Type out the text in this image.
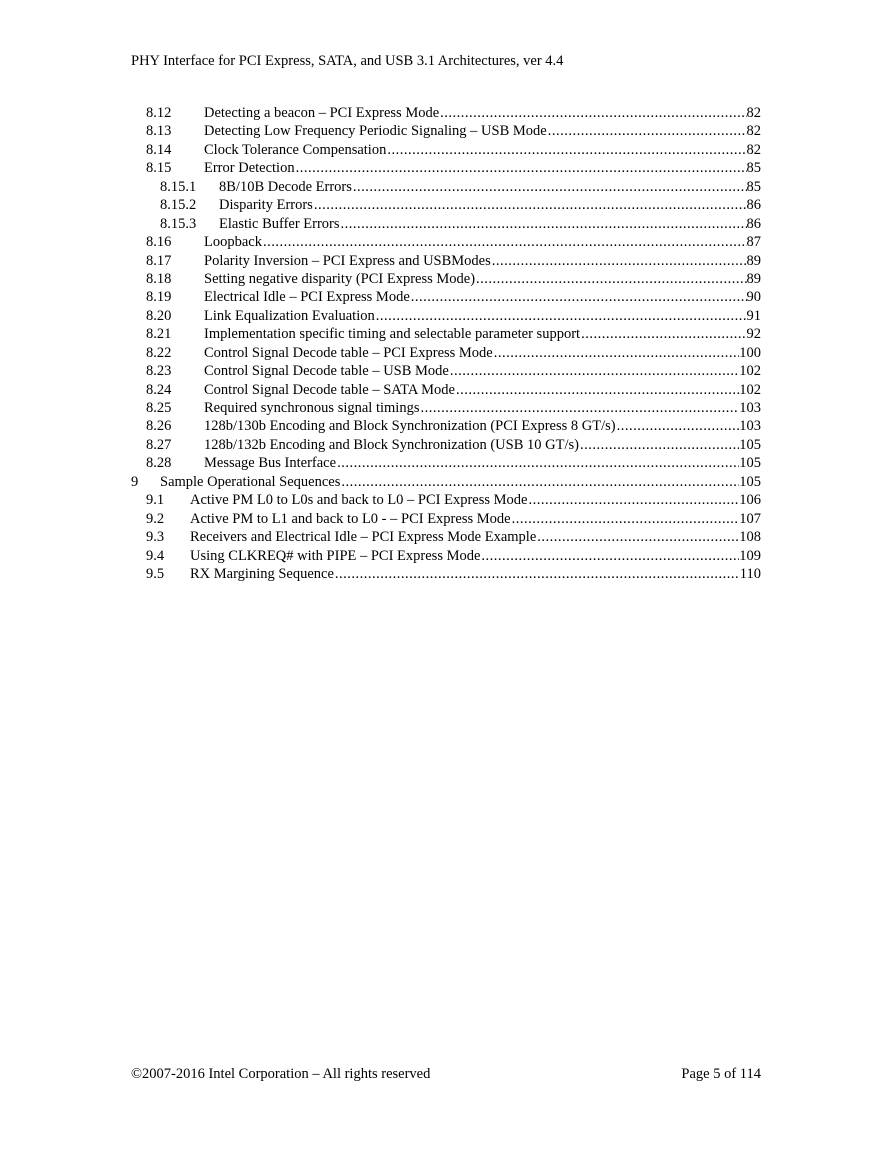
PHY Interface for PCI Express, SATA, and USB 3.1 Architectures, ver 4.4
8.12	Detecting a beacon – PCI Express Mode .....	82
8.13	Detecting Low Frequency Periodic Signaling – USB Mode .....	82
8.14	Clock Tolerance Compensation .....	82
8.15	Error Detection .....	85
8.15.1	8B/10B Decode Errors .....	85
8.15.2	Disparity Errors .....	86
8.15.3	Elastic Buffer Errors .....	86
8.16	Loopback .....	87
8.17	Polarity Inversion – PCI Express and USBModes .....	89
8.18	Setting negative disparity (PCI Express Mode) .....	89
8.19	Electrical Idle – PCI Express Mode .....	90
8.20	Link Equalization Evaluation .....	91
8.21	Implementation specific timing and selectable parameter support .....	92
8.22	Control Signal Decode table – PCI Express Mode .....	100
8.23	Control Signal Decode table – USB Mode .....	102
8.24	Control Signal Decode table – SATA Mode .....	102
8.25	Required synchronous signal timings .....	103
8.26	128b/130b Encoding and Block Synchronization (PCI Express 8 GT/s) .....	103
8.27	128b/132b Encoding and Block Synchronization (USB 10 GT/s) .....	105
8.28	Message Bus Interface .....	105
9	Sample Operational Sequences .....	105
9.1	Active PM L0 to L0s and back to L0 – PCI Express Mode .....	106
9.2	Active PM to L1 and back to L0 - – PCI Express Mode .....	107
9.3	Receivers and Electrical Idle – PCI Express Mode Example .....	108
9.4	Using CLKREQ# with PIPE – PCI Express Mode .....	109
9.5	RX Margining Sequence .....	110
©2007-2016 Intel Corporation – All rights reserved	Page 5 of 114
